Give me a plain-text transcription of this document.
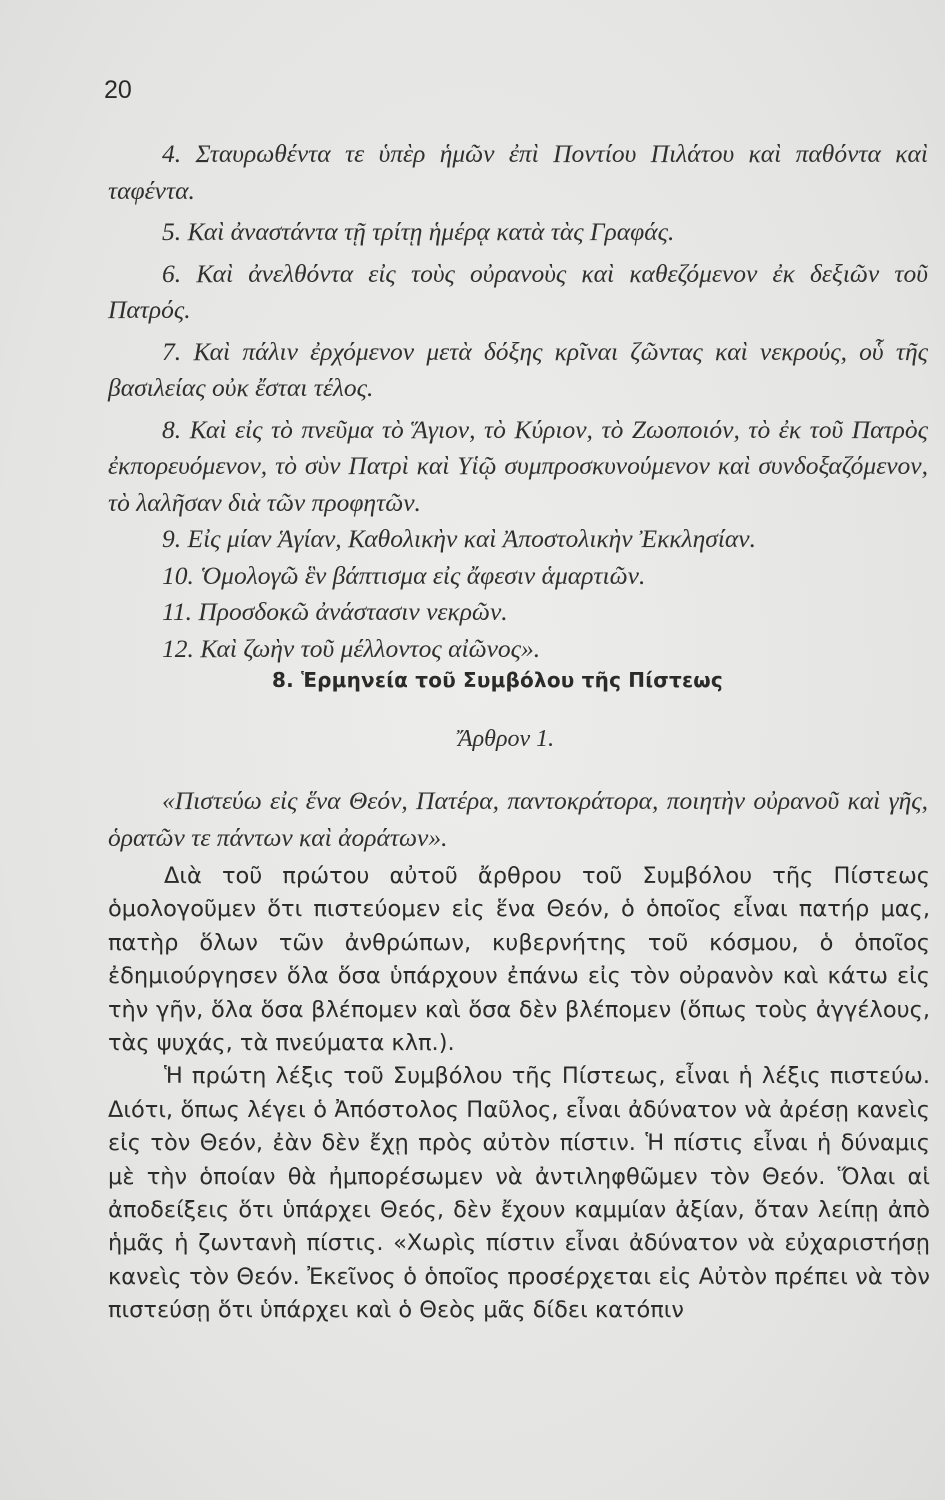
20

4. Σταυρωθέντα τε ὑπὲρ ἡμῶν ἐπὶ Ποντίου Πιλάτου καὶ παθόντα καὶ ταφέντα.

5. Καὶ ἀναστάντα τῇ τρίτῃ ἡμέρᾳ κατὰ τὰς Γραφάς.

6. Καὶ ἀνελθόντα εἰς τοὺς οὐρανοὺς καὶ καθεζόμενον ἐκ δεξιῶν τοῦ Πατρός.

7. Καὶ πάλιν ἐρχόμενον μετὰ δόξης κρῖναι ζῶντας καὶ νεκρούς, οὗ τῆς βασιλείας οὐκ ἔσται τέλος.

8. Καὶ εἰς τὸ πνεῦμα τὸ Ἅγιον, τὸ Κύριον, τὸ Ζωοποιόν, τὸ ἐκ τοῦ Πατρὸς ἐκπορευόμενον, τὸ σὺν Πατρὶ καὶ Υἱῷ συμπροσκυνούμενον καὶ συνδοξαζόμενον, τὸ λαλῆσαν διὰ τῶν προφητῶν.

9. Εἰς μίαν Ἁγίαν, Καθολικὴν καὶ Ἀποστολικὴν Ἐκκλησίαν.

10. Ὁμολογῶ ἓν βάπτισμα εἰς ἄφεσιν ἁμαρτιῶν.

11. Προσδοκῶ ἀνάστασιν νεκρῶν.

12. Καὶ ζωὴν τοῦ μέλλοντος αἰῶνος».

8. Ἑρμηνεία τοῦ Συμβόλου τῆς Πίστεως
Ἄρθρον 1.

«Πιστεύω εἰς ἕνα Θεόν, Πατέρα, παντοκράτορα, ποιητὴν οὐρανοῦ καὶ γῆς, ὁρατῶν τε πάντων καὶ ἀοράτων».

Διὰ τοῦ πρώτου αὐτοῦ ἄρθρου τοῦ Συμβόλου τῆς Πίστεως ὁμολογοῦμεν ὅτι πιστεύομεν εἰς ἕνα Θεόν, ὁ ὁποῖος εἶναι πατήρ μας, πατὴρ ὅλων τῶν ἀνθρώπων, κυβερνήτης τοῦ κόσμου, ὁ ὁποῖος ἐδημιούργησεν ὅλα ὅσα ὑπάρχουν ἐπάνω εἰς τὸν οὐρανὸν καὶ κάτω εἰς τὴν γῆν, ὅλα ὅσα βλέπομεν καὶ ὅσα δὲν βλέπομεν (ὅπως τοὺς ἀγγέλους, τὰς ψυχάς, τὰ πνεύματα κλπ.).

Ἡ πρώτη λέξις τοῦ Συμβόλου τῆς Πίστεως, εἶναι ἡ λέξις πιστεύω. Διότι, ὅπως λέγει ὁ Ἀπόστολος Παῦλος, εἶναι ἀδύνατον νὰ ἀρέσῃ κανεὶς εἰς τὸν Θεόν, ἐὰν δὲν ἔχῃ πρὸς αὐτὸν πίστιν. Ἡ πίστις εἶναι ἡ δύναμις μὲ τὴν ὁποίαν θὰ ἠμπορέσωμεν νὰ ἀντιληφθῶμεν τὸν Θεόν. Ὅλαι αἱ ἀποδείξεις ὅτι ὑπάρχει Θεός, δὲν ἔχουν καμμίαν ἀξίαν, ὅταν λείπῃ ἀπὸ ἡμᾶς ἡ ζωντανὴ πίστις. «Χωρὶς πίστιν εἶναι ἀδύνατον νὰ εὐχαριστήσῃ κανεὶς τὸν Θεόν. Ἐκεῖνος ὁ ὁποῖος προσέρχεται εἰς Αὐτὸν πρέπει νὰ τὸν πιστεύσῃ ὅτι ὑπάρχει καὶ ὁ Θεὸς μᾶς δίδει κατόπιν
